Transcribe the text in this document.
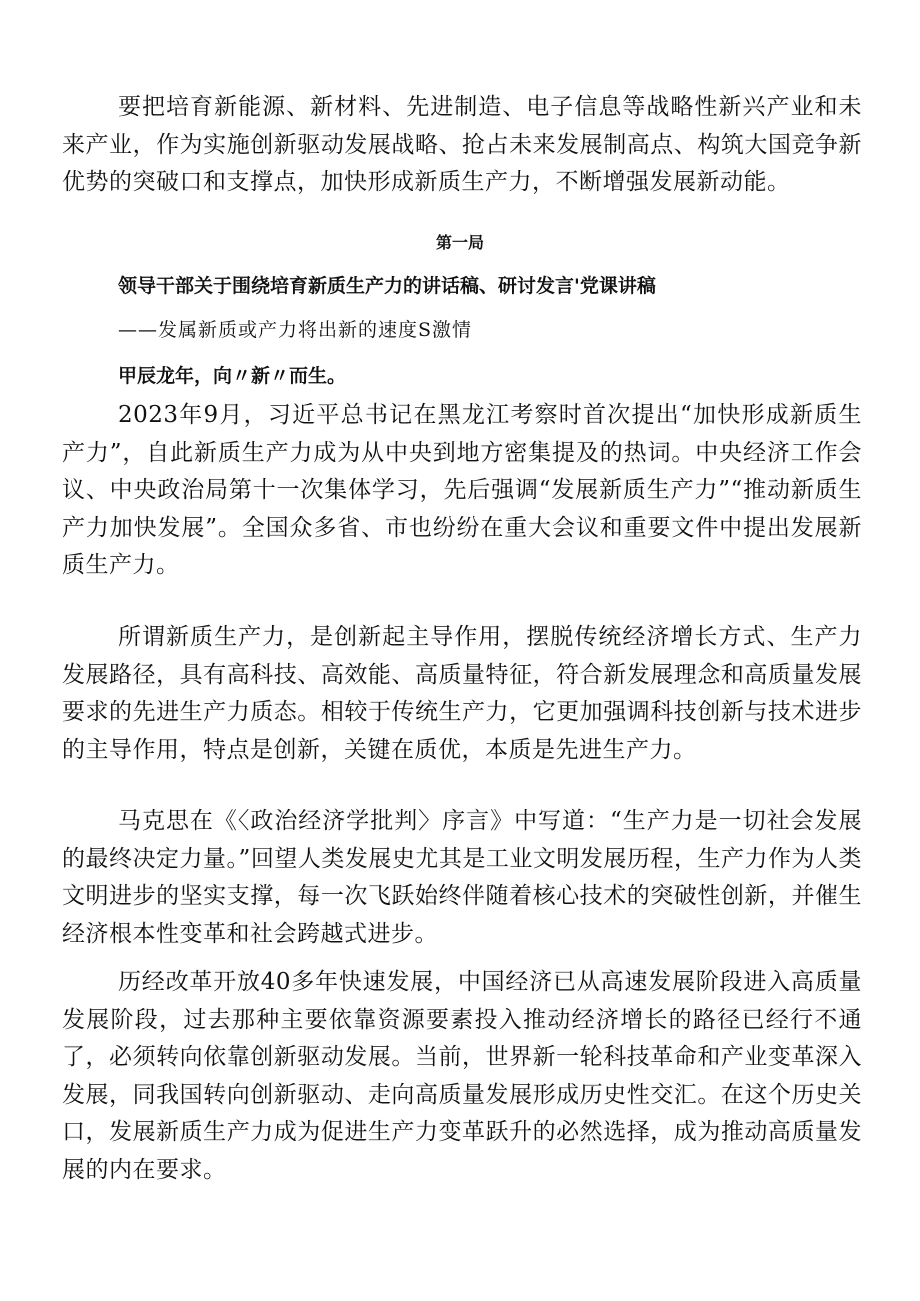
要把培育新能源、新材料、先进制造、电子信息等战略性新兴产业和未来产业，作为实施创新驱动发展战略、抢占未来发展制高点、构筑大国竞争新优势的突破口和支撑点，加快形成新质生产力，不断增强发展新动能。

第一局
领导干部关于围绕培育新质生产力的讲话稿、研讨发言'党课讲稿
——发属新质或产力将出新的速度S激情
甲辰龙年，向〃新〃而生。

2023年9月，习近平总书记在黑龙江考察时首次提出“加快形成新质生产力”，自此新质生产力成为从中央到地方密集提及的热词。中央经济工作会议、中央政治局第十一次集体学习，先后强调“发展新质生产力”“推动新质生产力加快发展”。全国众多省、市也纷纷在重大会议和重要文件中提出发展新质生产力。

所谓新质生产力，是创新起主导作用，摆脱传统经济增长方式、生产力发展路径，具有高科技、高效能、高质量特征，符合新发展理念和高质量发展要求的先进生产力质态。相较于传统生产力，它更加强调科技创新与技术进步的主导作用，特点是创新，关键在质优，本质是先进生产力。

马克思在《〈政治经济学批判〉序言》中写道：“生产力是一切社会发展的最终决定力量。”回望人类发展史尤其是工业文明发展历程，生产力作为人类文明进步的坚实支撑，每一次飞跃始终伴随着核心技术的突破性创新，并催生经济根本性变革和社会跨越式进步。

历经改革开放40多年快速发展，中国经济已从高速发展阶段进入高质量发展阶段，过去那种主要依靠资源要素投入推动经济增长的路径已经行不通了，必须转向依靠创新驱动发展。当前，世界新一轮科技革命和产业变革深入发展，同我国转向创新驱动、走向高质量发展形成历史性交汇。在这个历史关口，发展新质生产力成为促进生产力变革跃升的必然选择，成为推动高质量发展的内在要求。
